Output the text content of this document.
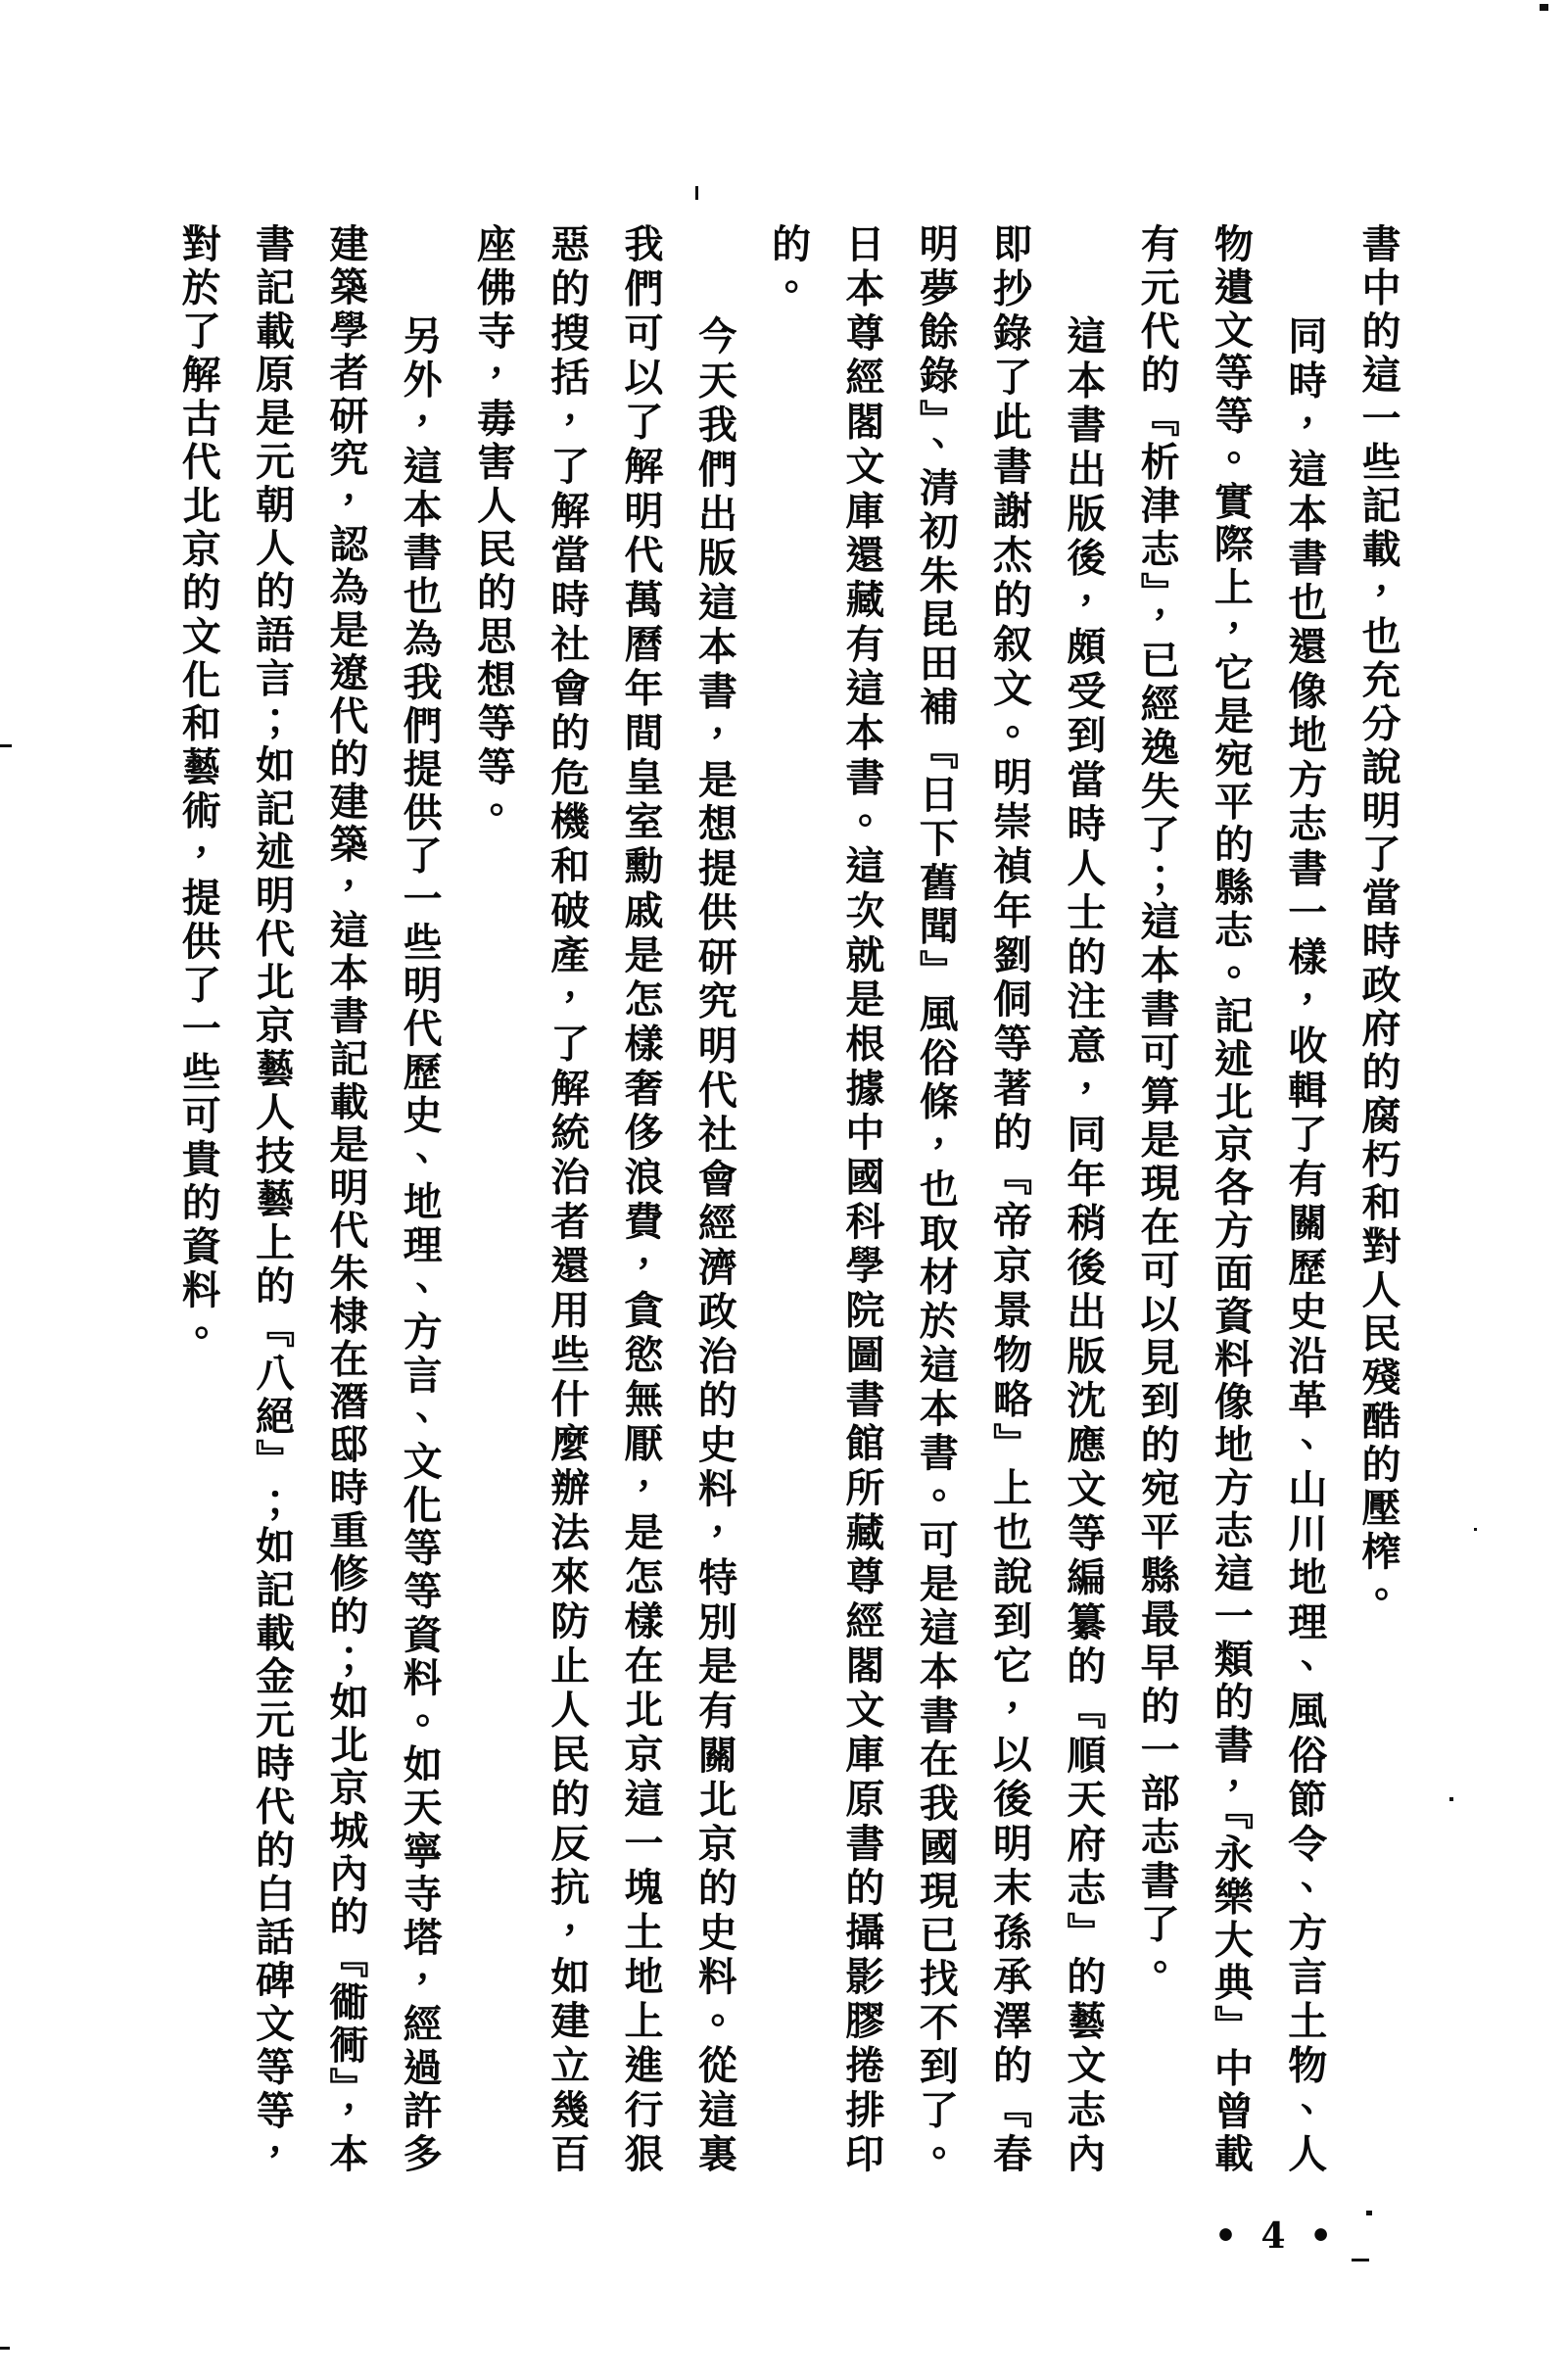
書中的這一些記載，也充分說明了當時政府的腐朽和對人民殘酷的壓榨。
同時，這本書也還像地方志書一樣，收輯了有關歷史沿革、山川地理、風俗節令、方言土物、人
物遺文等等。實際上，它是宛平的縣志。記述北京各方面資料像地方志這一類的書，『永樂大典』中曾載
有元代的『析津志』，已經逸失了；這本書可算是現在可以見到的宛平縣最早的一部志書了。
這本書出版後，頗受到當時人士的注意，同年稍後出版沈應文等編纂的『順天府志』的藝文志內
即抄錄了此書謝杰的叙文。明崇禎年劉侗等著的『帝京景物略』上也說到它，以後明末孫承澤的『春
明夢餘錄』、清初朱昆田補『日下舊聞』風俗條，也取材於這本書。可是這本書在我國現已找不到了。
日本尊經閣文庫還藏有這本書。這次就是根據中國科學院圖書館所藏尊經閣文庫原書的攝影膠捲排印
的。
今天我們出版這本書，是想提供研究明代社會經濟政治的史料，特別是有關北京的史料。從這裏
我們可以了解明代萬曆年間皇室勳戚是怎樣奢侈浪費，貪慾無厭，是怎樣在北京這一塊土地上進行狠
惡的搜括，了解當時社會的危機和破產，了解統治者還用些什麼辦法來防止人民的反抗，如建立幾百
座佛寺，毒害人民的思想等等。
另外，這本書也為我們提供了一些明代歷史、地理、方言、文化等等資料。如天寧寺塔，經過許多
建築學者研究，認為是遼代的建築，這本書記載是明代朱棣在潛邸時重修的；如北京城內的『衚衕』，本
書記載原是元朝人的語言；如記述明代北京藝人技藝上的『八絕』；如記載金元時代的白話碑文等等，
對於了解古代北京的文化和藝術，提供了一些可貴的資料。
• 4 •
